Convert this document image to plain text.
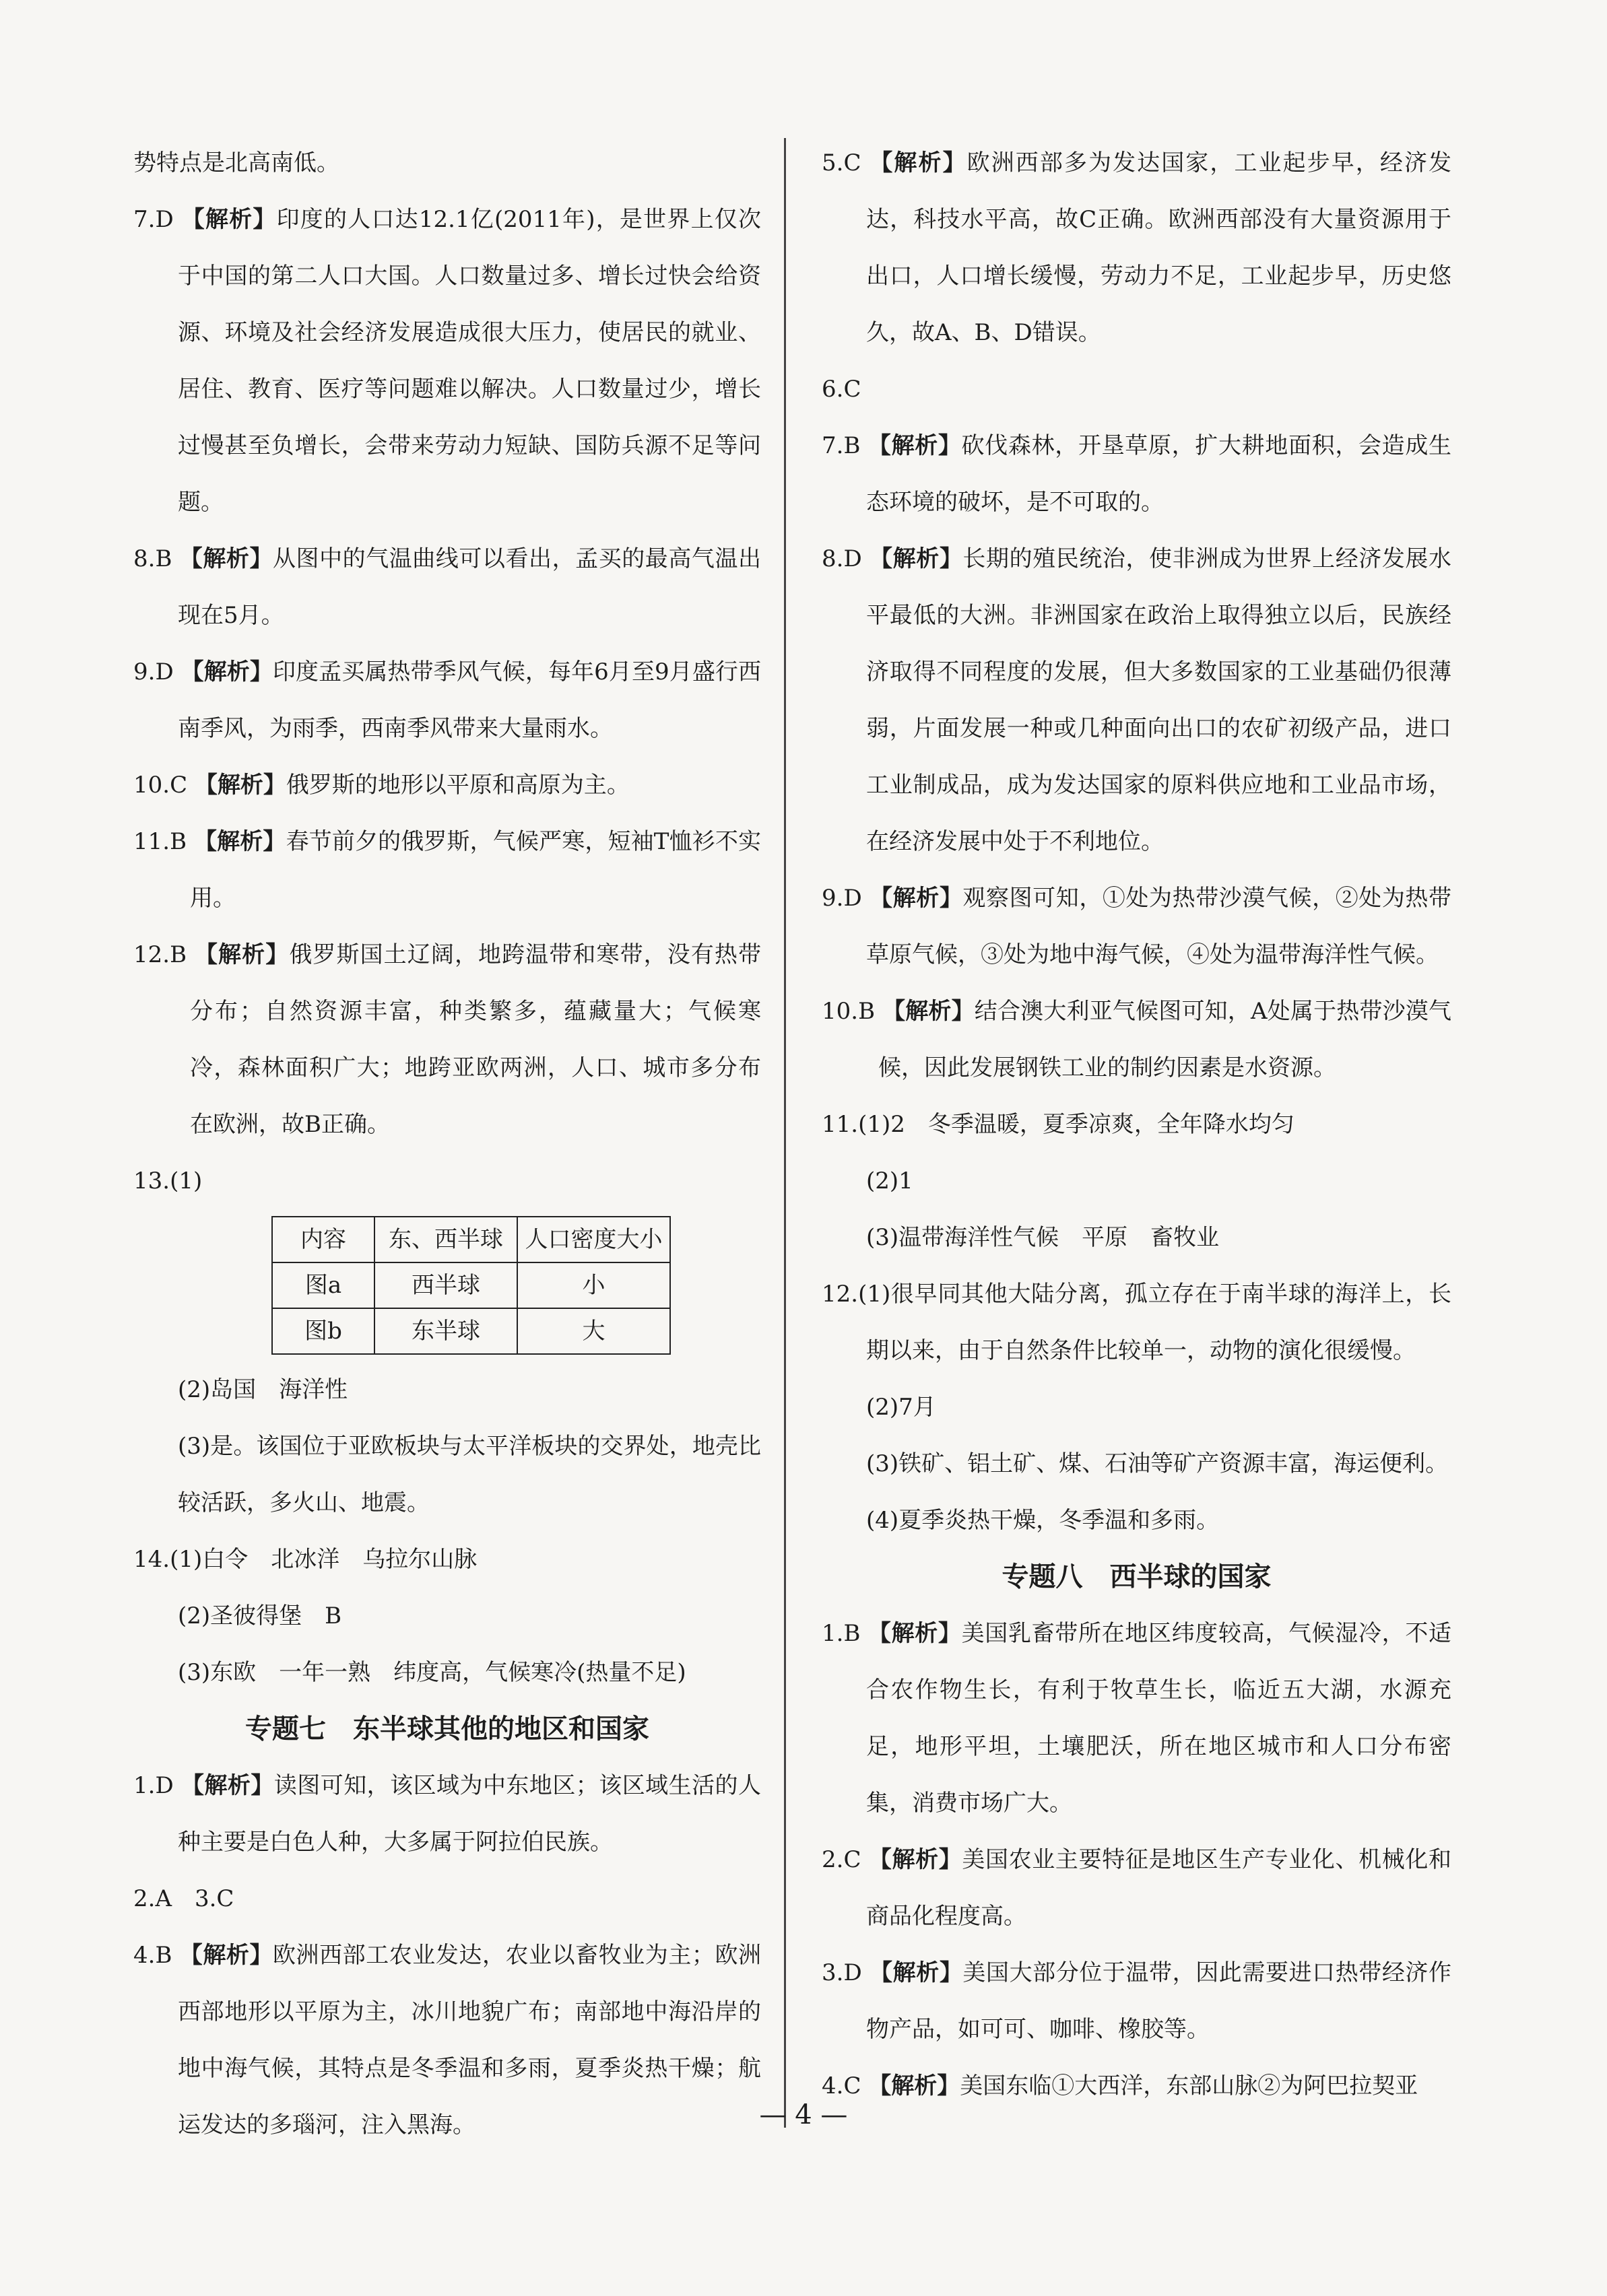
势特点是北高南低。

7.D 【解析】印度的人口达12.1亿(2011年)，是世界上仅次于中国的第二人口大国。人口数量过多、增长过快会给资源、环境及社会经济发展造成很大压力，使居民的就业、居住、教育、医疗等问题难以解决。人口数量过少，增长过慢甚至负增长，会带来劳动力短缺、国防兵源不足等问题。

8.B 【解析】从图中的气温曲线可以看出，孟买的最高气温出现在5月。

9.D 【解析】印度孟买属热带季风气候，每年6月至9月盛行西南季风，为雨季，西南季风带来大量雨水。

10.C 【解析】俄罗斯的地形以平原和高原为主。

11.B 【解析】春节前夕的俄罗斯，气候严寒，短袖T恤衫不实用。

12.B 【解析】俄罗斯国土辽阔，地跨温带和寒带，没有热带分布；自然资源丰富，种类繁多，蕴藏量大；气候寒冷，森林面积广大；地跨亚欧两洲，人口、城市多分布在欧洲，故B正确。

13.(1)

内容	东、西半球	人口密度大小
图a	西半球	小
图b	东半球	大

(2)岛国　海洋性

(3)是。该国位于亚欧板块与太平洋板块的交界处，地壳比较活跃，多火山、地震。

14.(1)白令　北冰洋　乌拉尔山脉

(2)圣彼得堡　B

(3)东欧　一年一熟　纬度高，气候寒冷(热量不足)

专题七　东半球其他的地区和国家

1.D 【解析】读图可知，该区域为中东地区；该区域生活的人种主要是白色人种，大多属于阿拉伯民族。

2.A　3.C

4.B 【解析】欧洲西部工农业发达，农业以畜牧业为主；欧洲西部地形以平原为主，冰川地貌广布；南部地中海沿岸的地中海气候，其特点是冬季温和多雨，夏季炎热干燥；航运发达的多瑙河，注入黑海。

5.C 【解析】欧洲西部多为发达国家，工业起步早，经济发达，科技水平高，故C正确。欧洲西部没有大量资源用于出口，人口增长缓慢，劳动力不足，工业起步早，历史悠久，故A、B、D错误。

6.C

7.B 【解析】砍伐森林，开垦草原，扩大耕地面积，会造成生态环境的破坏，是不可取的。

8.D 【解析】长期的殖民统治，使非洲成为世界上经济发展水平最低的大洲。非洲国家在政治上取得独立以后，民族经济取得不同程度的发展，但大多数国家的工业基础仍很薄弱，片面发展一种或几种面向出口的农矿初级产品，进口工业制成品，成为发达国家的原料供应地和工业品市场，在经济发展中处于不利地位。

9.D 【解析】观察图可知，①处为热带沙漠气候，②处为热带草原气候，③处为地中海气候，④处为温带海洋性气候。

10.B 【解析】结合澳大利亚气候图可知，A处属于热带沙漠气候，因此发展钢铁工业的制约因素是水资源。

11.(1)2　冬季温暖，夏季凉爽，全年降水均匀

(2)1

(3)温带海洋性气候　平原　畜牧业

12.(1)很早同其他大陆分离，孤立存在于南半球的海洋上，长期以来，由于自然条件比较单一，动物的演化很缓慢。

(2)7月

(3)铁矿、铝土矿、煤、石油等矿产资源丰富，海运便利。

(4)夏季炎热干燥，冬季温和多雨。

专题八　西半球的国家

1.B 【解析】美国乳畜带所在地区纬度较高，气候湿冷，不适合农作物生长，有利于牧草生长，临近五大湖，水源充足，地形平坦，土壤肥沃，所在地区城市和人口分布密集，消费市场广大。

2.C 【解析】美国农业主要特征是地区生产专业化、机械化和商品化程度高。

3.D 【解析】美国大部分位于温带，因此需要进口热带经济作物产品，如可可、咖啡、橡胶等。

4.C 【解析】美国东临①大西洋，东部山脉②为阿巴拉契亚

— 4 —
